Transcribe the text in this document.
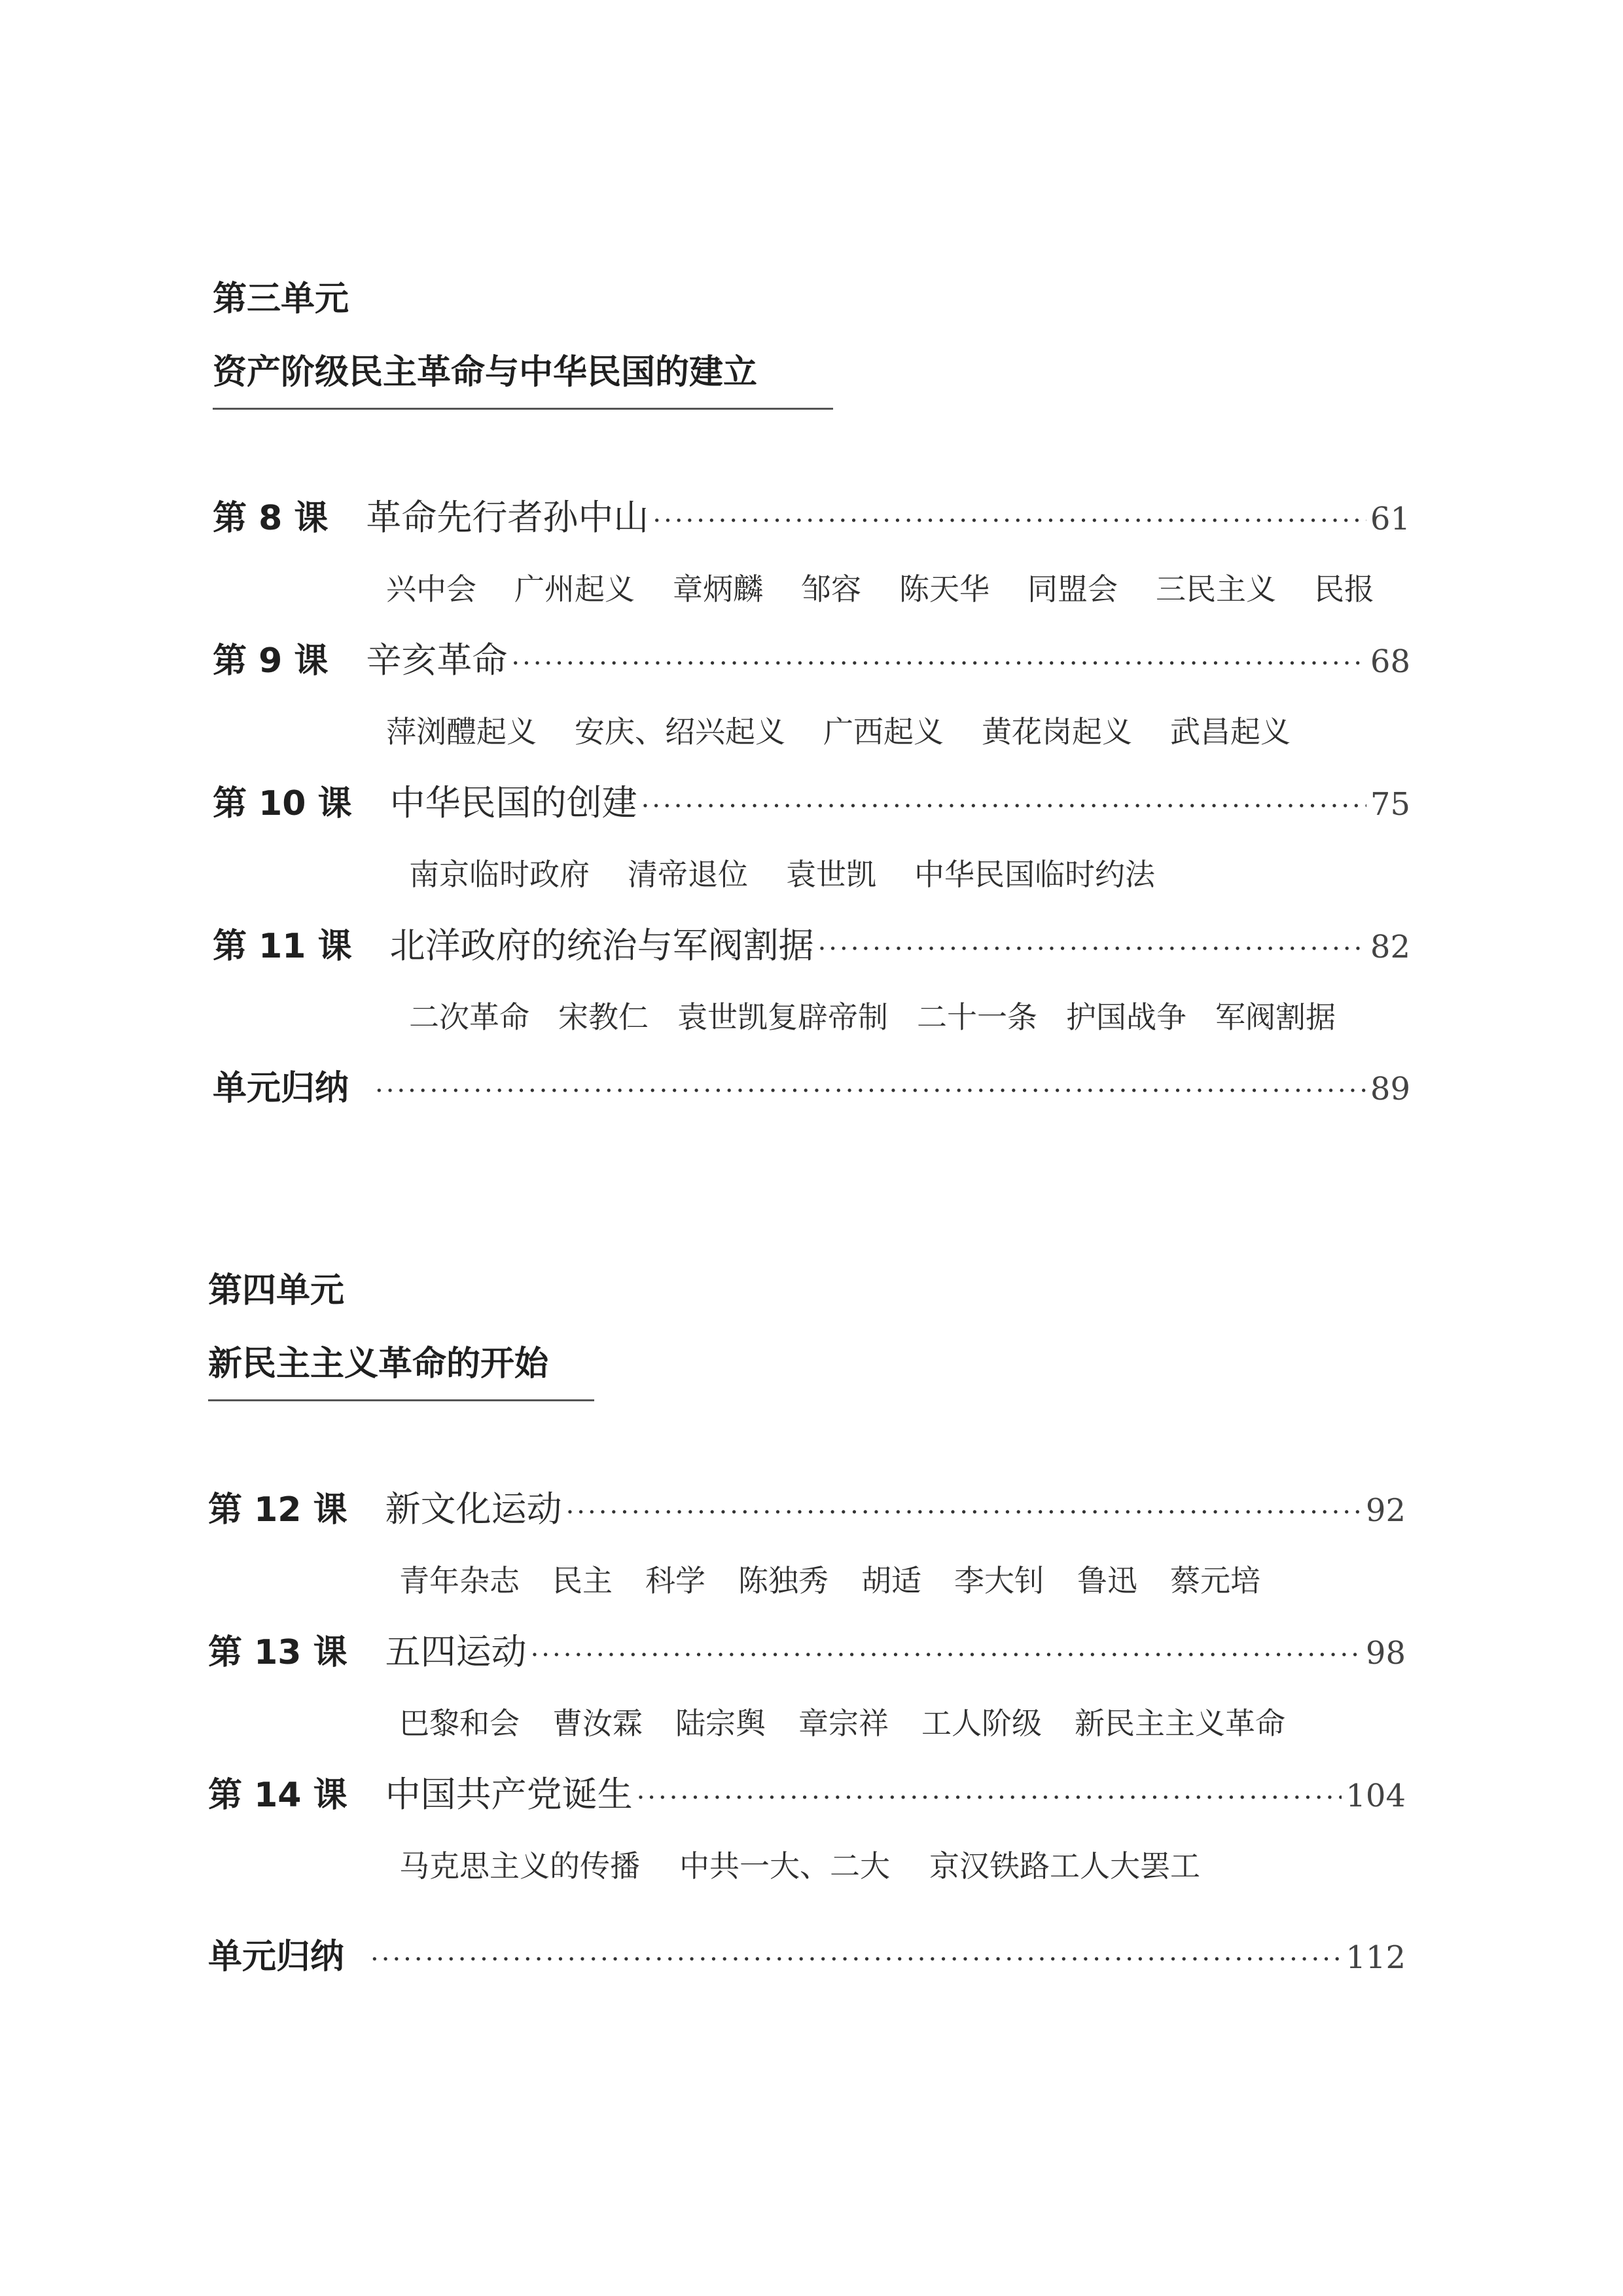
第三单元
资产阶级民主革命与中华民国的建立
第 8 课 革命先行者孙中山 ·····	61
兴中会 广州起义 章炳麟 邹容 陈天华 同盟会 三民主义 民报
第 9 课 辛亥革命 ·····	68
萍浏醴起义 安庆、绍兴起义 广西起义 黄花岗起义 武昌起义
第 10 课 中华民国的创建 ·····	75
南京临时政府 清帝退位 袁世凯 中华民国临时约法
第 11 课 北洋政府的统治与军阀割据 ·····	82
二次革命 宋教仁 袁世凯复辟帝制 二十一条 护国战争 军阀割据
单元归纳 ·····	89
第四单元
新民主主义革命的开始
第 12 课 新文化运动 ·····	92
青年杂志 民主 科学 陈独秀 胡适 李大钊 鲁迅 蔡元培
第 13 课 五四运动 ·····	98
巴黎和会 曹汝霖 陆宗舆 章宗祥 工人阶级 新民主主义革命
第 14 课 中国共产党诞生 ·····	104
马克思主义的传播 中共一大、二大 京汉铁路工人大罢工
单元归纳 ·····	112
